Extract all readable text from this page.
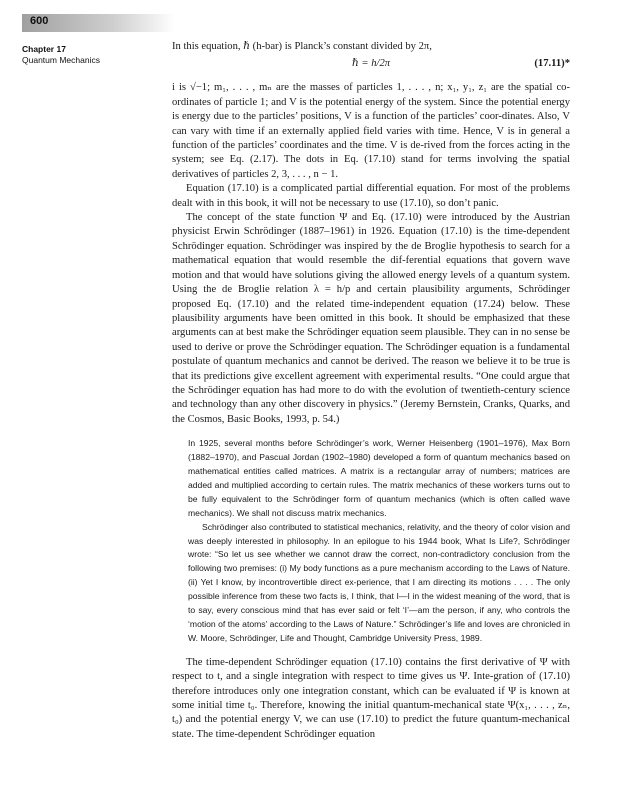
600
Chapter 17
Quantum Mechanics

In this equation, ℏ (h-bar) is Planck’s constant divided by 2π,

ℏ = h/2π	(17.11)*

i is √−1; m₁, . . . , mₙ are the masses of particles 1, . . . , n; x₁, y₁, z₁ are the spatial co-ordinates of particle 1; and V is the potential energy of the system. Since the potential energy is energy due to the particles’ positions, V is a function of the particles’ coor-dinates. Also, V can vary with time if an externally applied field varies with time. Hence, V is in general a function of the particles’ coordinates and the time. V is de-rived from the forces acting in the system; see Eq. (2.17). The dots in Eq. (17.10) stand for terms involving the spatial derivatives of particles 2, 3, . . . , n − 1.

Equation (17.10) is a complicated partial differential equation. For most of the problems dealt with in this book, it will not be necessary to use (17.10), so don’t panic.

The concept of the state function Ψ and Eq. (17.10) were introduced by the Austrian physicist Erwin Schrödinger (1887–1961) in 1926. Equation (17.10) is the time-dependent Schrödinger equation. Schrödinger was inspired by the de Broglie hypothesis to search for a mathematical equation that would resemble the dif-ferential equations that govern wave motion and that would have solutions giving the allowed energy levels of a quantum system. Using the de Broglie relation λ = h/p and certain plausibility arguments, Schrödinger proposed Eq. (17.10) and the related time-independent equation (17.24) below. These plausibility arguments have been omitted in this book. It should be emphasized that these arguments can at best make the Schrödinger equation seem plausible. They can in no sense be used to derive or prove the Schrödinger equation. The Schrödinger equation is a fundamental postulate of quantum mechanics and cannot be derived. The reason we believe it to be true is that its predictions give excellent agreement with experimental results. “One could argue that the Schrödinger equation has had more to do with the evolution of twentieth-century science and technology than any other discovery in physics.” (Jeremy Bernstein, Cranks, Quarks, and the Cosmos, Basic Books, 1993, p. 54.)

In 1925, several months before Schrödinger’s work, Werner Heisenberg (1901–1976), Max Born (1882–1970), and Pascual Jordan (1902–1980) developed a form of quantum mechanics based on mathematical entities called matrices. A matrix is a rectangular array of numbers; matrices are added and multiplied according to certain rules. The matrix mechanics of these workers turns out to be fully equivalent to the Schrödinger form of quantum mechanics (which is often called wave mechanics). We shall not discuss matrix mechanics.

Schrödinger also contributed to statistical mechanics, relativity, and the theory of color vision and was deeply interested in philosophy. In an epilogue to his 1944 book, What Is Life?, Schrödinger wrote: “So let us see whether we cannot draw the correct, non-contradictory conclusion from the following two premises: (i) My body functions as a pure mechanism according to the Laws of Nature. (ii) Yet I know, by incontrovertible direct ex-perience, that I am directing its motions . . . . The only possible inference from these two facts is, I think, that I—I in the widest meaning of the word, that is to say, every conscious mind that has ever said or felt ‘I’—am the person, if any, who controls the ‘motion of the atoms’ according to the Laws of Nature.” Schrödinger’s life and loves are chronicled in W. Moore, Schrödinger, Life and Thought, Cambridge University Press, 1989.

The time-dependent Schrödinger equation (17.10) contains the first derivative of Ψ with respect to t, and a single integration with respect to time gives us Ψ. Inte-gration of (17.10) therefore introduces only one integration constant, which can be evaluated if Ψ is known at some initial time t₀. Therefore, knowing the initial quantum-mechanical state Ψ(x₁, . . . , zₙ, t₀) and the potential energy V, we can use (17.10) to predict the future quantum-mechanical state. The time-dependent Schrödinger equation
